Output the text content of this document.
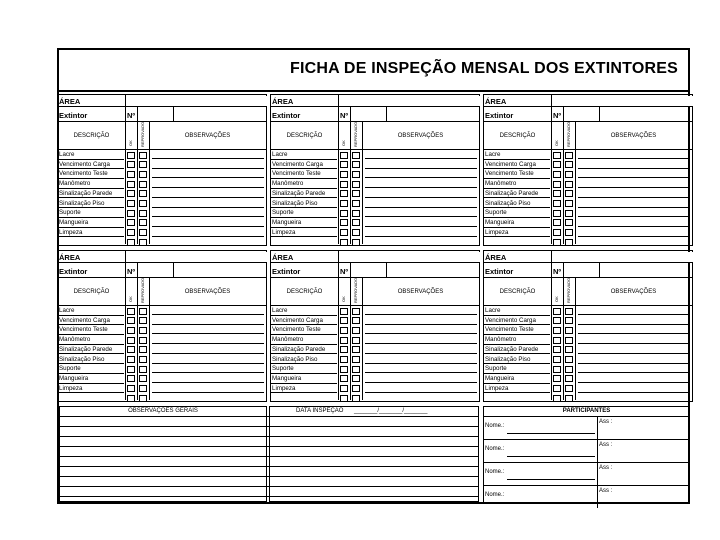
FICHA DE INSPEÇÃO MENSAL DOS EXTINTORES
ÁREA
Extintor	Nº
DESCRIÇÃO
OK REPROVADO	OBSERVAÇÕES
Lacre
Vencimento Carga
Vencimento Teste
Manômetro
Sinalização Parede
Sinalização Piso
Suporte
Mangueira
Limpeza
ÁREA
Extintor	Nº
DESCRIÇÃO
OK REPROVADO	OBSERVAÇÕES
Lacre
Vencimento Carga
Vencimento Teste
Manômetro
Sinalização Parede
Sinalização Piso
Suporte
Mangueira
Limpeza
ÁREA
Extintor	Nº
DESCRIÇÃO
OK REPROVADO	OBSERVAÇÕES
Lacre
Vencimento Carga
Vencimento Teste
Manômetro
Sinalização Parede
Sinalização Piso
Suporte
Mangueira
Limpeza
ÁREA
Extintor	Nº
DESCRIÇÃO
OK REPROVADO	OBSERVAÇÕES
Lacre
Vencimento Carga
Vencimento Teste
Manômetro
Sinalização Parede
Sinalização Piso
Suporte
Mangueira
Limpeza
ÁREA
Extintor	Nº
DESCRIÇÃO
OK REPROVADO	OBSERVAÇÕES
Lacre
Vencimento Carga
Vencimento Teste
Manômetro
Sinalização Parede
Sinalização Piso
Suporte
Mangueira
Limpeza
ÁREA
Extintor	Nº
DESCRIÇÃO
OK REPROVADO	OBSERVAÇÕES
Lacre
Vencimento Carga
Vencimento Teste
Manômetro
Sinalização Parede
Sinalização Piso
Suporte
Mangueira
Limpeza
OBSERVAÇÕES GERAIS	DATA INSPEÇÃO _______/_______/_______	PARTICIPANTES
Nome.:
Ass :
Nome.:
Ass :
Nome.:
Ass :
Nome.:
Ass :
